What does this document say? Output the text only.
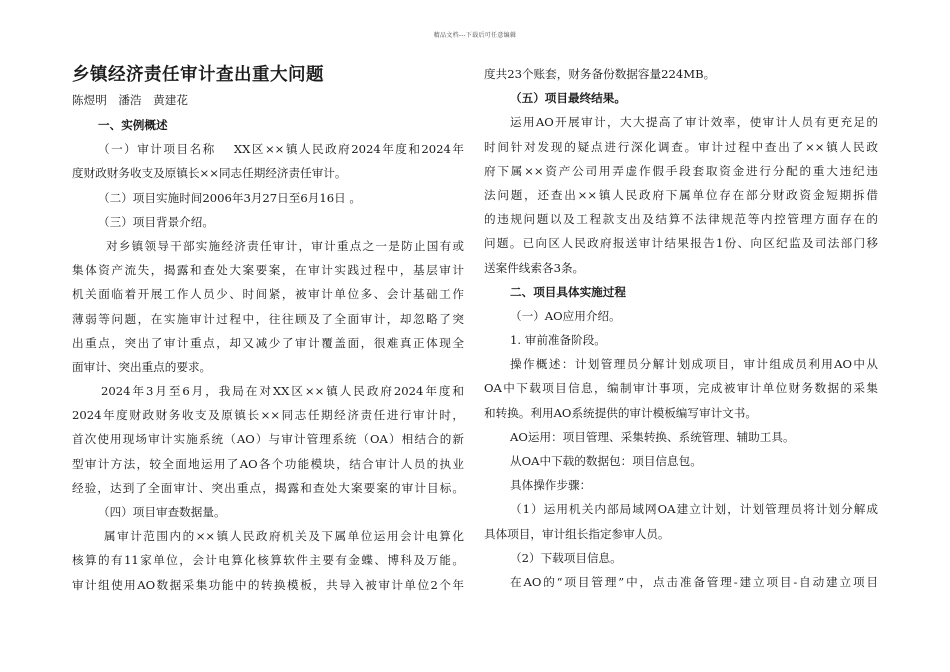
精品文档---下载后可任意编辑
乡镇经济责任审计查出重大问题
陈煜明　潘浩　黄建花
一、实例概述
（一）审计项目名称　 XX区××镇人民政府2024年度和2024年
度财政财务收支及原镇长××同志任期经济责任审计。
（二）项目实施时间2006年3月27日至6月16日 。
（三）项目背景介绍。
对乡镇领导干部实施经济责任审计，审计重点之一是防止国有或
集体资产流失，揭露和查处大案要案，在审计实践过程中，基层审计
机关面临着开展工作人员少、时间紧，被审计单位多、会计基础工作
薄弱等问题，在实施审计过程中，往往顾及了全面审计，却忽略了突
出重点，突出了审计重点，却又减少了审计覆盖面，很难真正体现全
面审计、突出重点的要求。
2024年3月至6月，我局在对XX区××镇人民政府2024年度和
2024年度财政财务收支及原镇长××同志任期经济责任进行审计时，
首次使用现场审计实施系统（AO）与审计管理系统（OA）相结合的新
型审计方法，较全面地运用了AO各个功能模块，结合审计人员的执业
经验，达到了全面审计、突出重点，揭露和查处大案要案的审计目标。
（四）项目审查数据量。
属审计范围内的××镇人民政府机关及下属单位运用会计电算化
核算的有11家单位，会计电算化核算软件主要有金蝶、博科及万能。
审计组使用AO数据采集功能中的转换模板，共导入被审计单位2个年
度共23个账套，财务备份数据容量224MB。
（五）项目最终结果。
运用AO开展审计，大大提高了审计效率，使审计人员有更充足的
时间针对发现的疑点进行深化调查。审计过程中查出了××镇人民政
府下属××资产公司用弄虚作假手段套取资金进行分配的重大违纪违
法问题，还查出××镇人民政府下属单位存在部分财政资金短期拆借
的违规问题以及工程款支出及结算不法律规范等内控管理方面存在的
问题。已向区人民政府报送审计结果报告1份、向区纪监及司法部门移
送案件线索各3条。
二、项目具体实施过程
（一）AO应用介绍。
1. 审前准备阶段。
操作概述：计划管理员分解计划成项目，审计组成员利用AO中从
OA中下载项目信息，编制审计事项，完成被审计单位财务数据的采集
和转换。利用AO系统提供的审计模板编写审计文书。
AO运用：项目管理、采集转换、系统管理、辅助工具。
从OA中下载的数据包：项目信息包。
具体操作步骤：
（1）运用机关内部局域网OA建立计划，计划管理员将计划分解成
具体项目，审计组长指定参审人员。
（2）下载项目信息。
在AO的“项目管理”中，点击准备管理-建立项目-自动建立项目
